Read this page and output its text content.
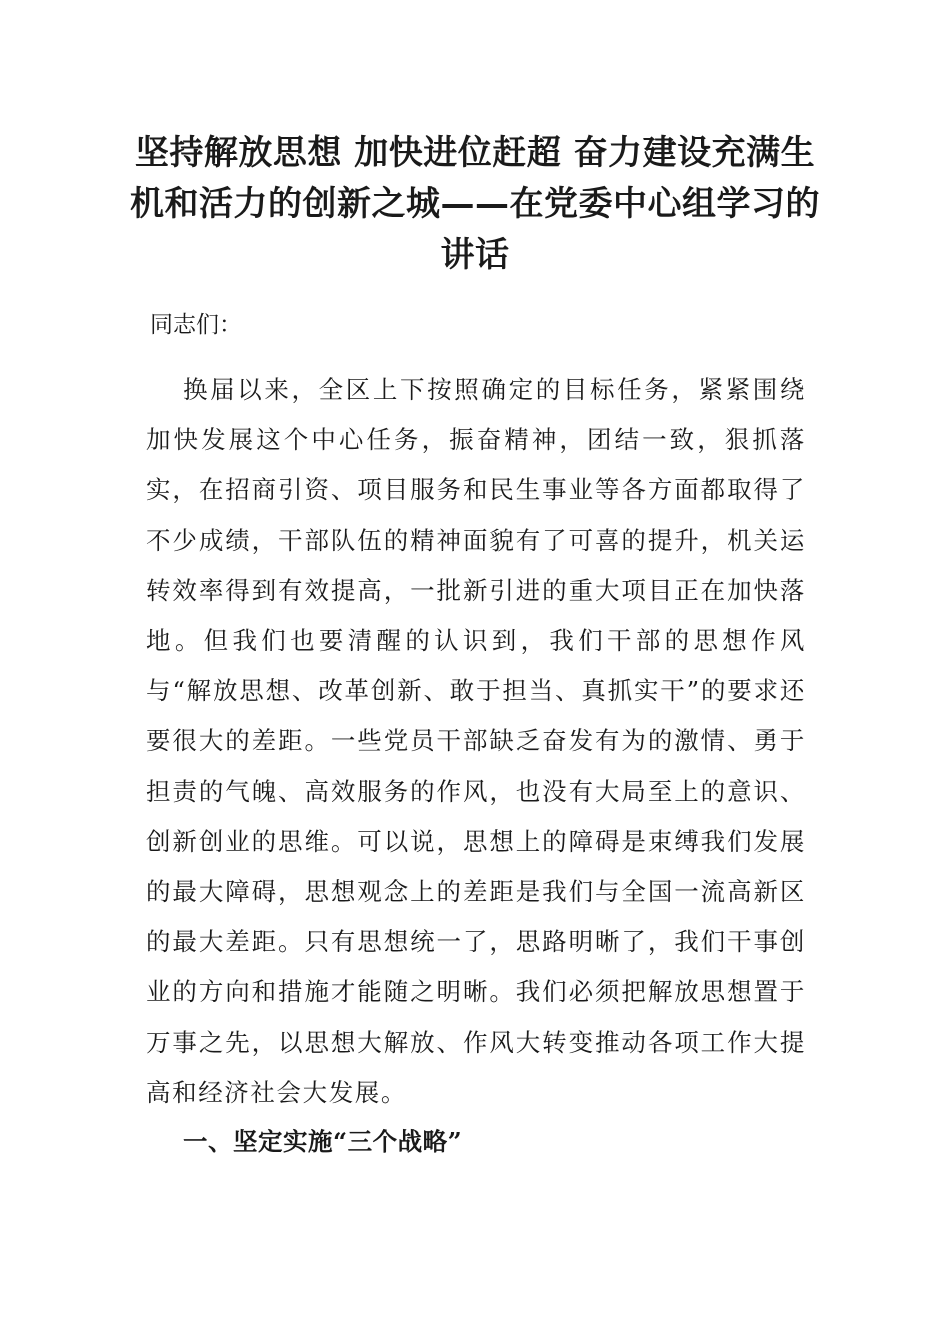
坚持解放思想 加快进位赶超 奋力建设充满生机和活力的创新之城——在党委中心组学习的讲话

同志们：

换届以来，全区上下按照确定的目标任务，紧紧围绕加快发展这个中心任务，振奋精神，团结一致，狠抓落实，在招商引资、项目服务和民生事业等各方面都取得了不少成绩，干部队伍的精神面貌有了可喜的提升，机关运转效率得到有效提高，一批新引进的重大项目正在加快落地。但我们也要清醒的认识到，我们干部的思想作风与“解放思想、改革创新、敢于担当、真抓实干”的要求还要很大的差距。一些党员干部缺乏奋发有为的激情、勇于担责的气魄、高效服务的作风，也没有大局至上的意识、创新创业的思维。可以说，思想上的障碍是束缚我们发展的最大障碍，思想观念上的差距是我们与全国一流高新区的最大差距。只有思想统一了，思路明晰了，我们干事创业的方向和措施才能随之明晰。我们必须把解放思想置于万事之先，以思想大解放、作风大转变推动各项工作大提高和经济社会大发展。

一、坚定实施“三个战略”
